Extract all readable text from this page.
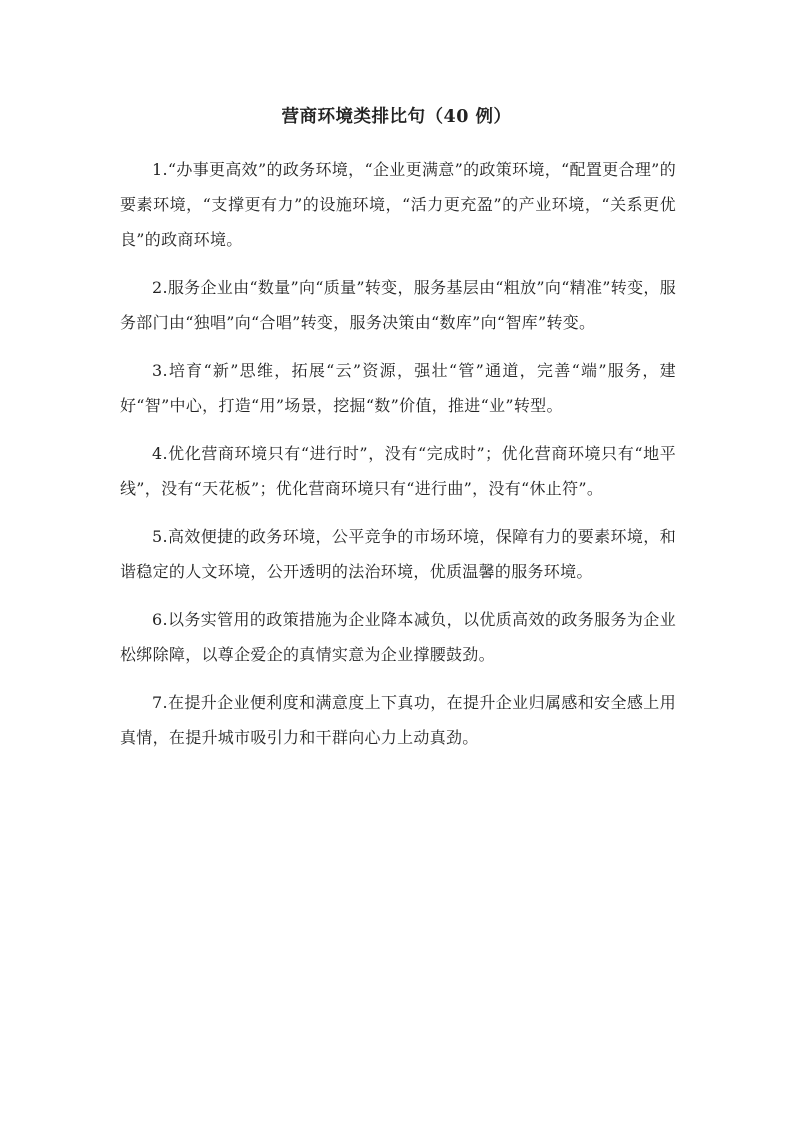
营商环境类排比句（40 例）

1.“办事更高效”的政务环境，“企业更满意”的政策环境，“配置更合理”的要素环境，“支撑更有力”的设施环境，“活力更充盈”的产业环境，“关系更优良”的政商环境。

2.服务企业由“数量”向“质量”转变，服务基层由“粗放”向“精准”转变，服务部门由“独唱”向“合唱”转变，服务决策由“数库”向“智库”转变。

3.培育“新”思维，拓展“云”资源，强壮“管”通道，完善“端”服务，建好“智”中心，打造“用”场景，挖掘“数”价值，推进“业”转型。

4.优化营商环境只有“进行时”，没有“完成时”；优化营商环境只有“地平线”，没有“天花板”；优化营商环境只有“进行曲”，没有“休止符”。

5.高效便捷的政务环境，公平竞争的市场环境，保障有力的要素环境，和谐稳定的人文环境，公开透明的法治环境，优质温馨的服务环境。

6.以务实管用的政策措施为企业降本减负，以优质高效的政务服务为企业松绑除障，以尊企爱企的真情实意为企业撑腰鼓劲。

7.在提升企业便利度和满意度上下真功，在提升企业归属感和安全感上用真情，在提升城市吸引力和干群向心力上动真劲。
